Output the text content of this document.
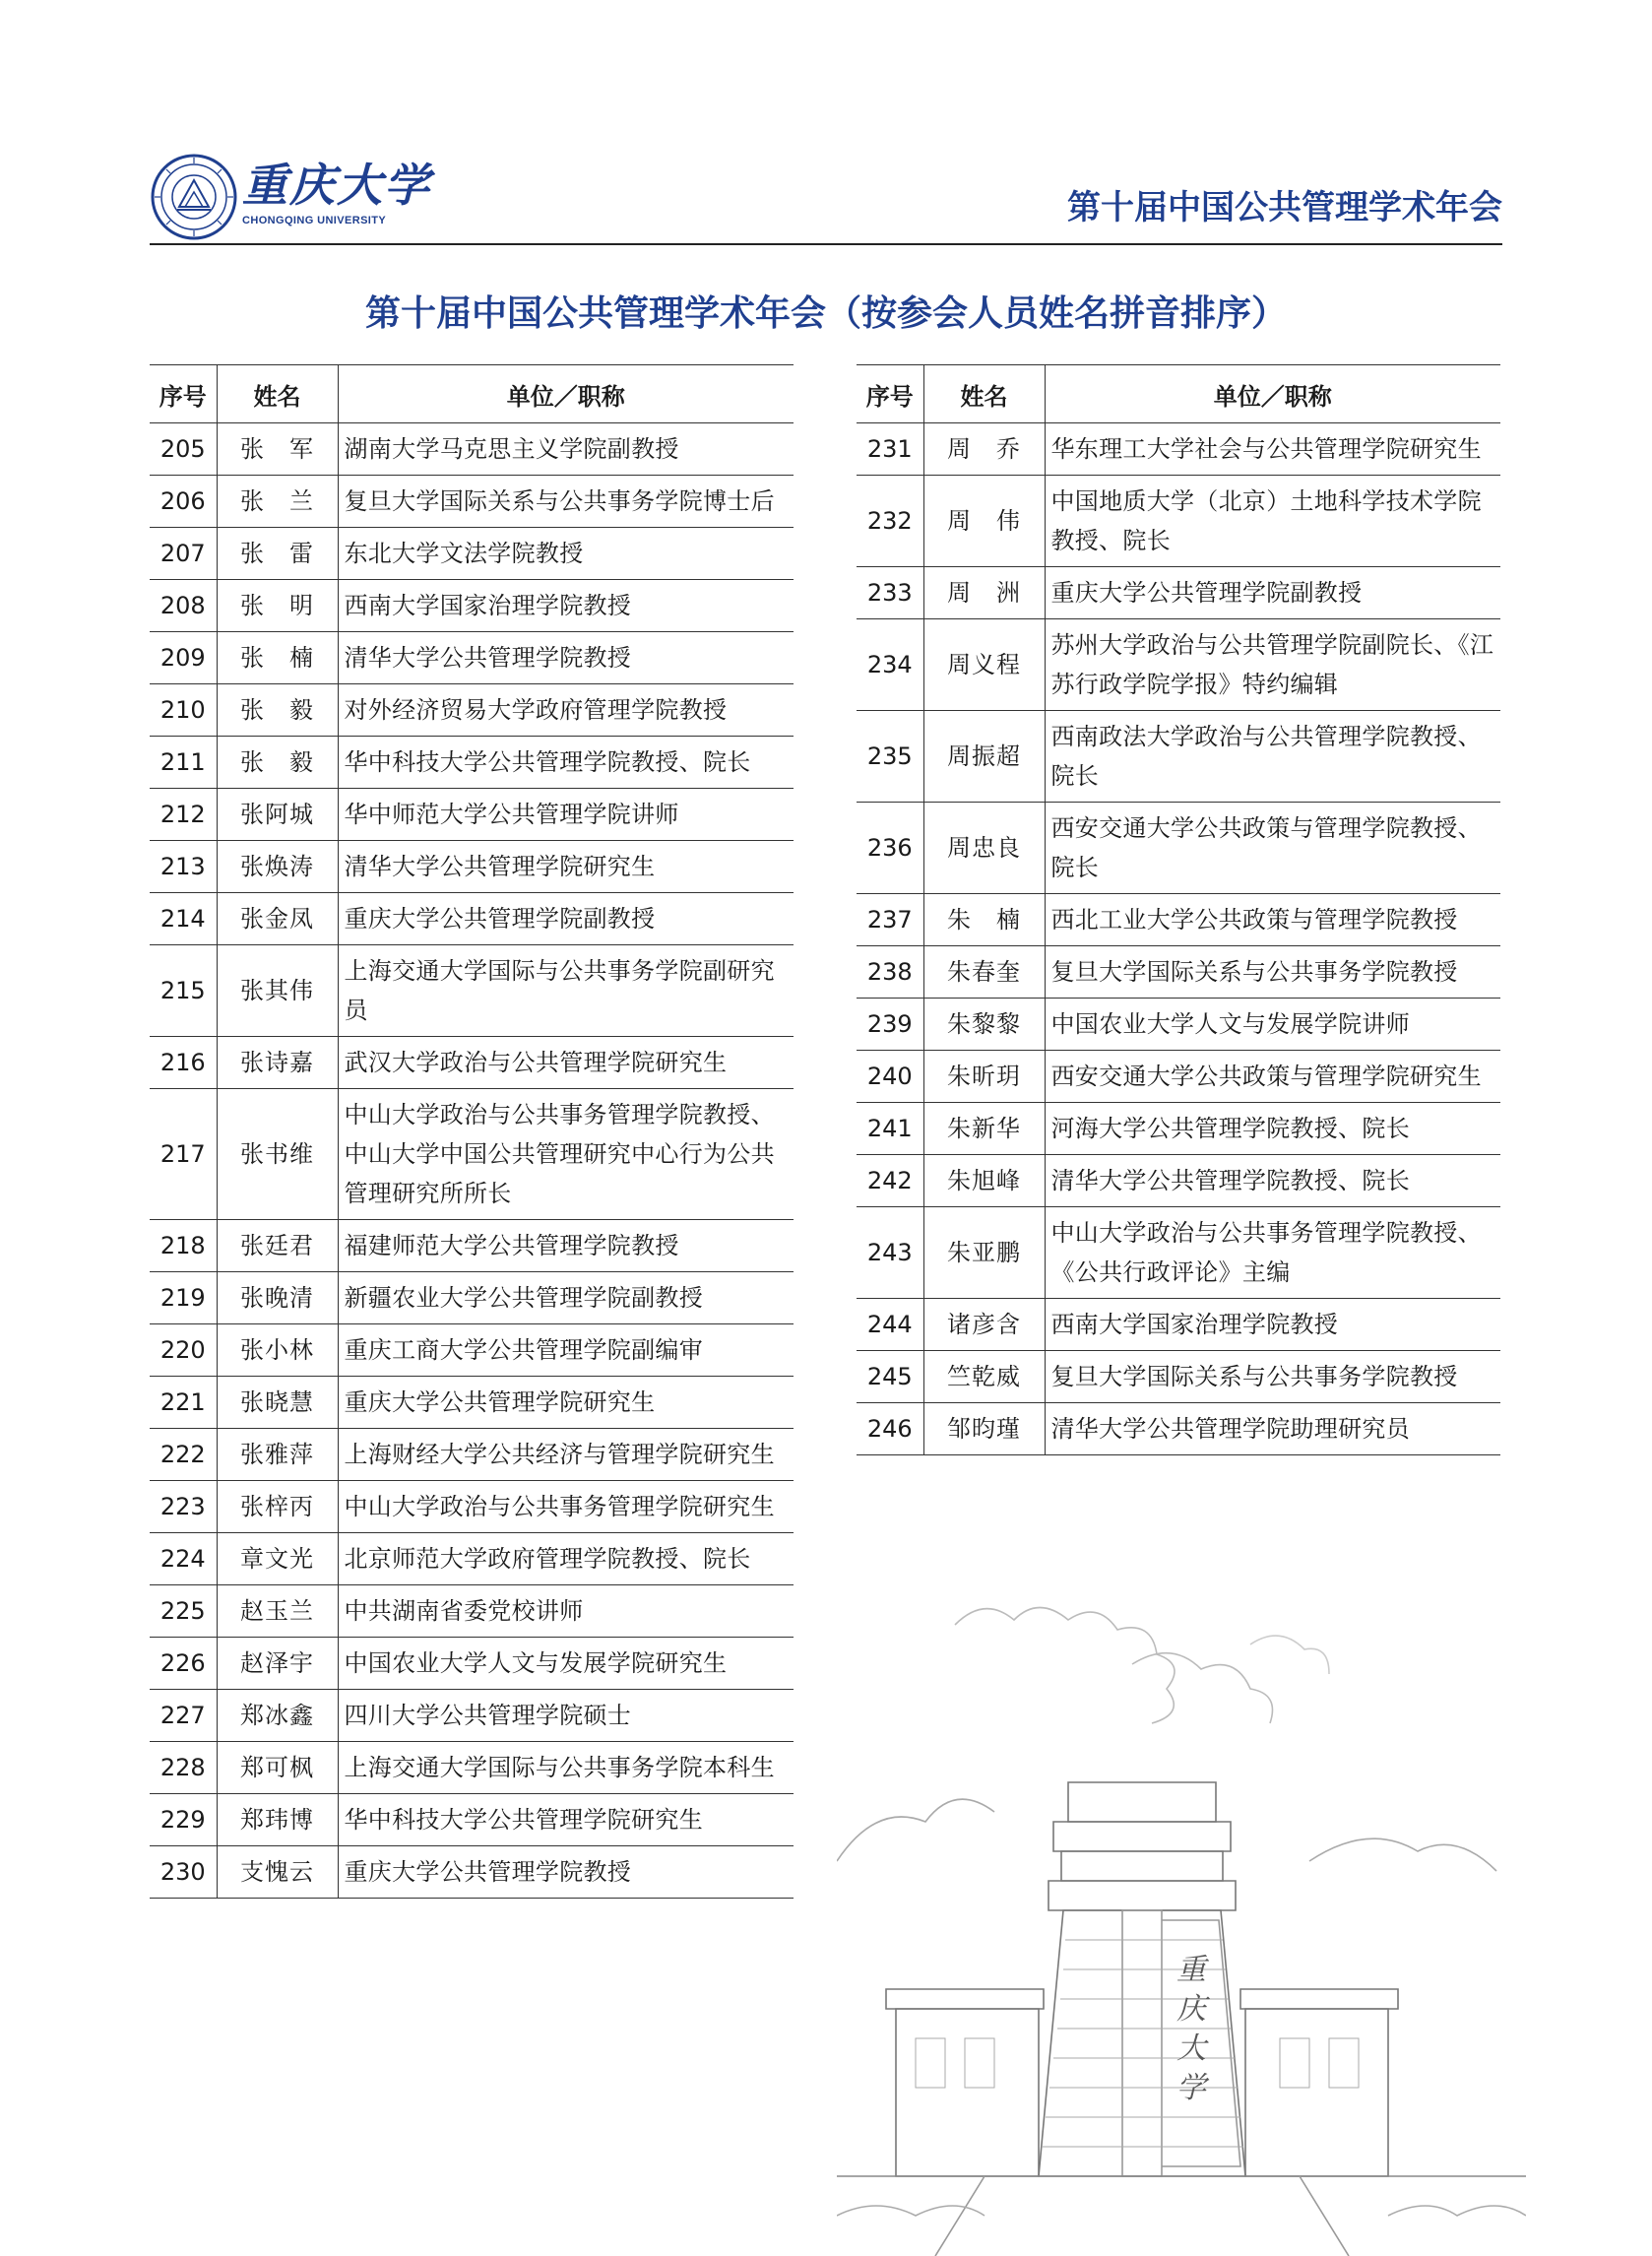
重庆大学
CHONGQING UNIVERSITY	第十届中国公共管理学术年会
第十届中国公共管理学术年会（按参会人员姓名拼音排序）
序号	姓名	单位／职称
205	张　军	湖南大学马克思主义学院副教授
206	张　兰	复旦大学国际关系与公共事务学院博士后
207	张　雷	东北大学文法学院教授
208	张　明	西南大学国家治理学院教授
209	张　楠	清华大学公共管理学院教授
210	张　毅	对外经济贸易大学政府管理学院教授
211	张　毅	华中科技大学公共管理学院教授、院长
212	张阿城	华中师范大学公共管理学院讲师
213	张焕涛	清华大学公共管理学院研究生
214	张金凤	重庆大学公共管理学院副教授
215	张其伟	上海交通大学国际与公共事务学院副研究员
216	张诗嘉	武汉大学政治与公共管理学院研究生
217	张书维	中山大学政治与公共事务管理学院教授、中山大学中国公共管理研究中心行为公共管理研究所所长
218	张廷君	福建师范大学公共管理学院教授
219	张晚清	新疆农业大学公共管理学院副教授
220	张小林	重庆工商大学公共管理学院副编审
221	张晓慧	重庆大学公共管理学院研究生
222	张雅萍	上海财经大学公共经济与管理学院研究生
223	张梓丙	中山大学政治与公共事务管理学院研究生
224	章文光	北京师范大学政府管理学院教授、院长
225	赵玉兰	中共湖南省委党校讲师
226	赵泽宇	中国农业大学人文与发展学院研究生
227	郑冰鑫	四川大学公共管理学院硕士
228	郑可枫	上海交通大学国际与公共事务学院本科生
229	郑玮博	华中科技大学公共管理学院研究生
230	支愧云	重庆大学公共管理学院教授
序号	姓名	单位／职称
231	周　乔	华东理工大学社会与公共管理学院研究生
232	周　伟	中国地质大学（北京）土地科学技术学院教授、院长
233	周　洲	重庆大学公共管理学院副教授
234	周义程	苏州大学政治与公共管理学院副院长、《江苏行政学院学报》特约编辑
235	周振超	西南政法大学政治与公共管理学院教授、院长
236	周忠良	西安交通大学公共政策与管理学院教授、院长
237	朱　楠	西北工业大学公共政策与管理学院教授
238	朱春奎	复旦大学国际关系与公共事务学院教授
239	朱黎黎	中国农业大学人文与发展学院讲师
240	朱昕玥	西安交通大学公共政策与管理学院研究生
241	朱新华	河海大学公共管理学院教授、院长
242	朱旭峰	清华大学公共管理学院教授、院长
243	朱亚鹏	中山大学政治与公共事务管理学院教授、《公共行政评论》主编
244	诸彦含	西南大学国家治理学院教授
245	竺乾威	复旦大学国际关系与公共事务学院教授
246	邹昀瑾	清华大学公共管理学院助理研究员
重
庆
大
学
